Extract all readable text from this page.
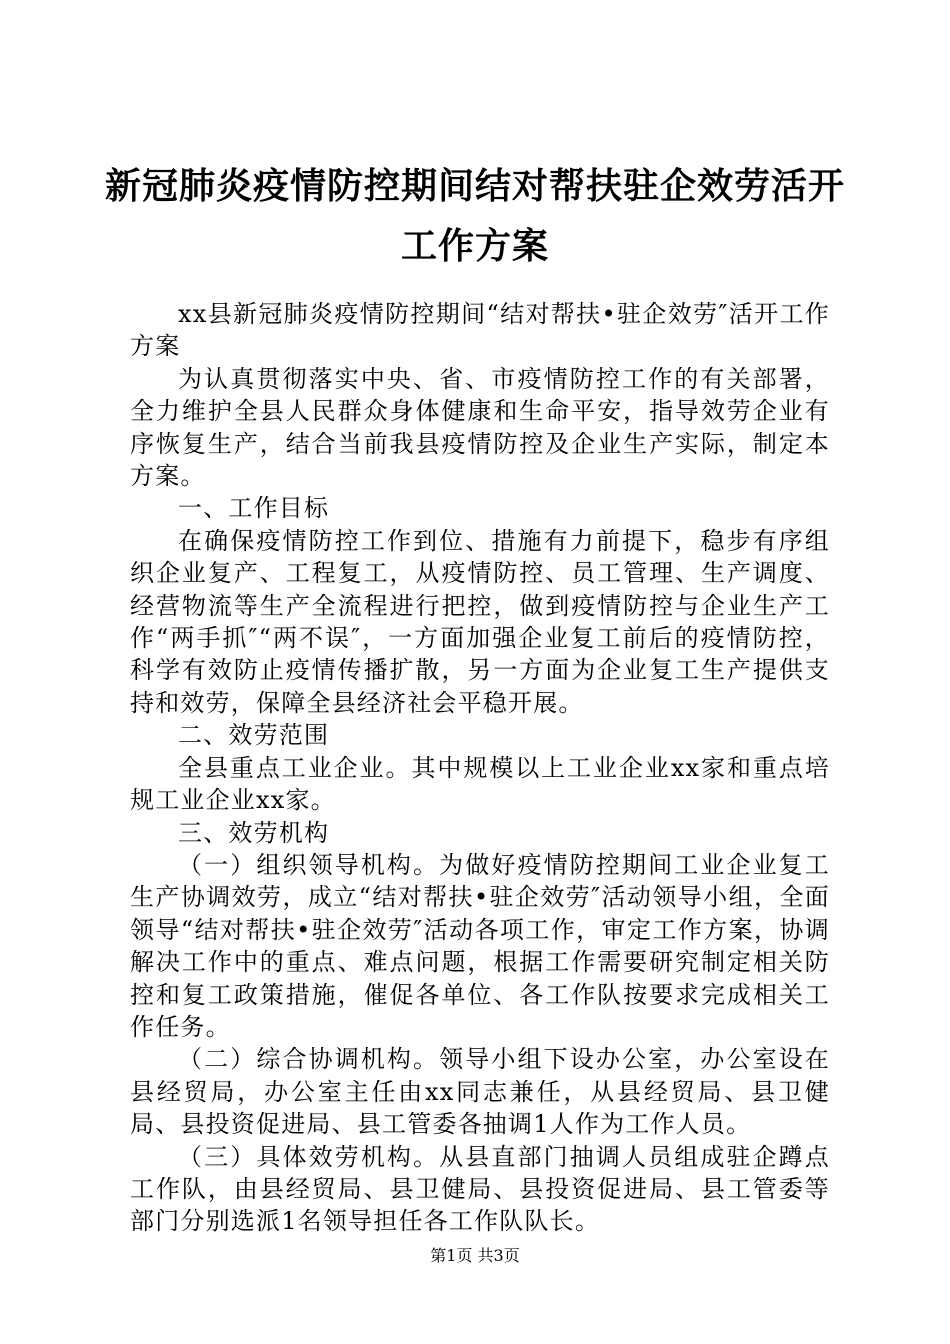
新冠肺炎疫情防控期间结对帮扶驻企效劳活开
工作方案

xx县新冠肺炎疫情防控期间“结对帮扶•驻企效劳″活开工作方案

为认真贯彻落实中央、省、市疫情防控工作的有关部署，全力维护全县人民群众身体健康和生命平安，指导效劳企业有序恢复生产，结合当前我县疫情防控及企业生产实际，制定本方案。

一、工作目标

在确保疫情防控工作到位、措施有力前提下，稳步有序组织企业复产、工程复工，从疫情防控、员工管理、生产调度、经营物流等生产全流程进行把控，做到疫情防控与企业生产工作“两手抓″“两不误″，一方面加强企业复工前后的疫情防控，科学有效防止疫情传播扩散，另一方面为企业复工生产提供支持和效劳，保障全县经济社会平稳开展。

二、效劳范围

全县重点工业企业。其中规模以上工业企业xx家和重点培规工业企业xx家。

三、效劳机构

（一）组织领导机构。为做好疫情防控期间工业企业复工生产协调效劳，成立“结对帮扶•驻企效劳″活动领导小组，全面领导“结对帮扶•驻企效劳″活动各项工作，审定工作方案，协调解决工作中的重点、难点问题，根据工作需要研究制定相关防控和复工政策措施，催促各单位、各工作队按要求完成相关工作任务。

（二）综合协调机构。领导小组下设办公室，办公室设在县经贸局，办公室主任由xx同志兼任，从县经贸局、县卫健局、县投资促进局、县工管委各抽调1人作为工作人员。

（三）具体效劳机构。从县直部门抽调人员组成驻企蹲点工作队，由县经贸局、县卫健局、县投资促进局、县工管委等部门分别选派1名领导担任各工作队队长。

第1页 共3页
